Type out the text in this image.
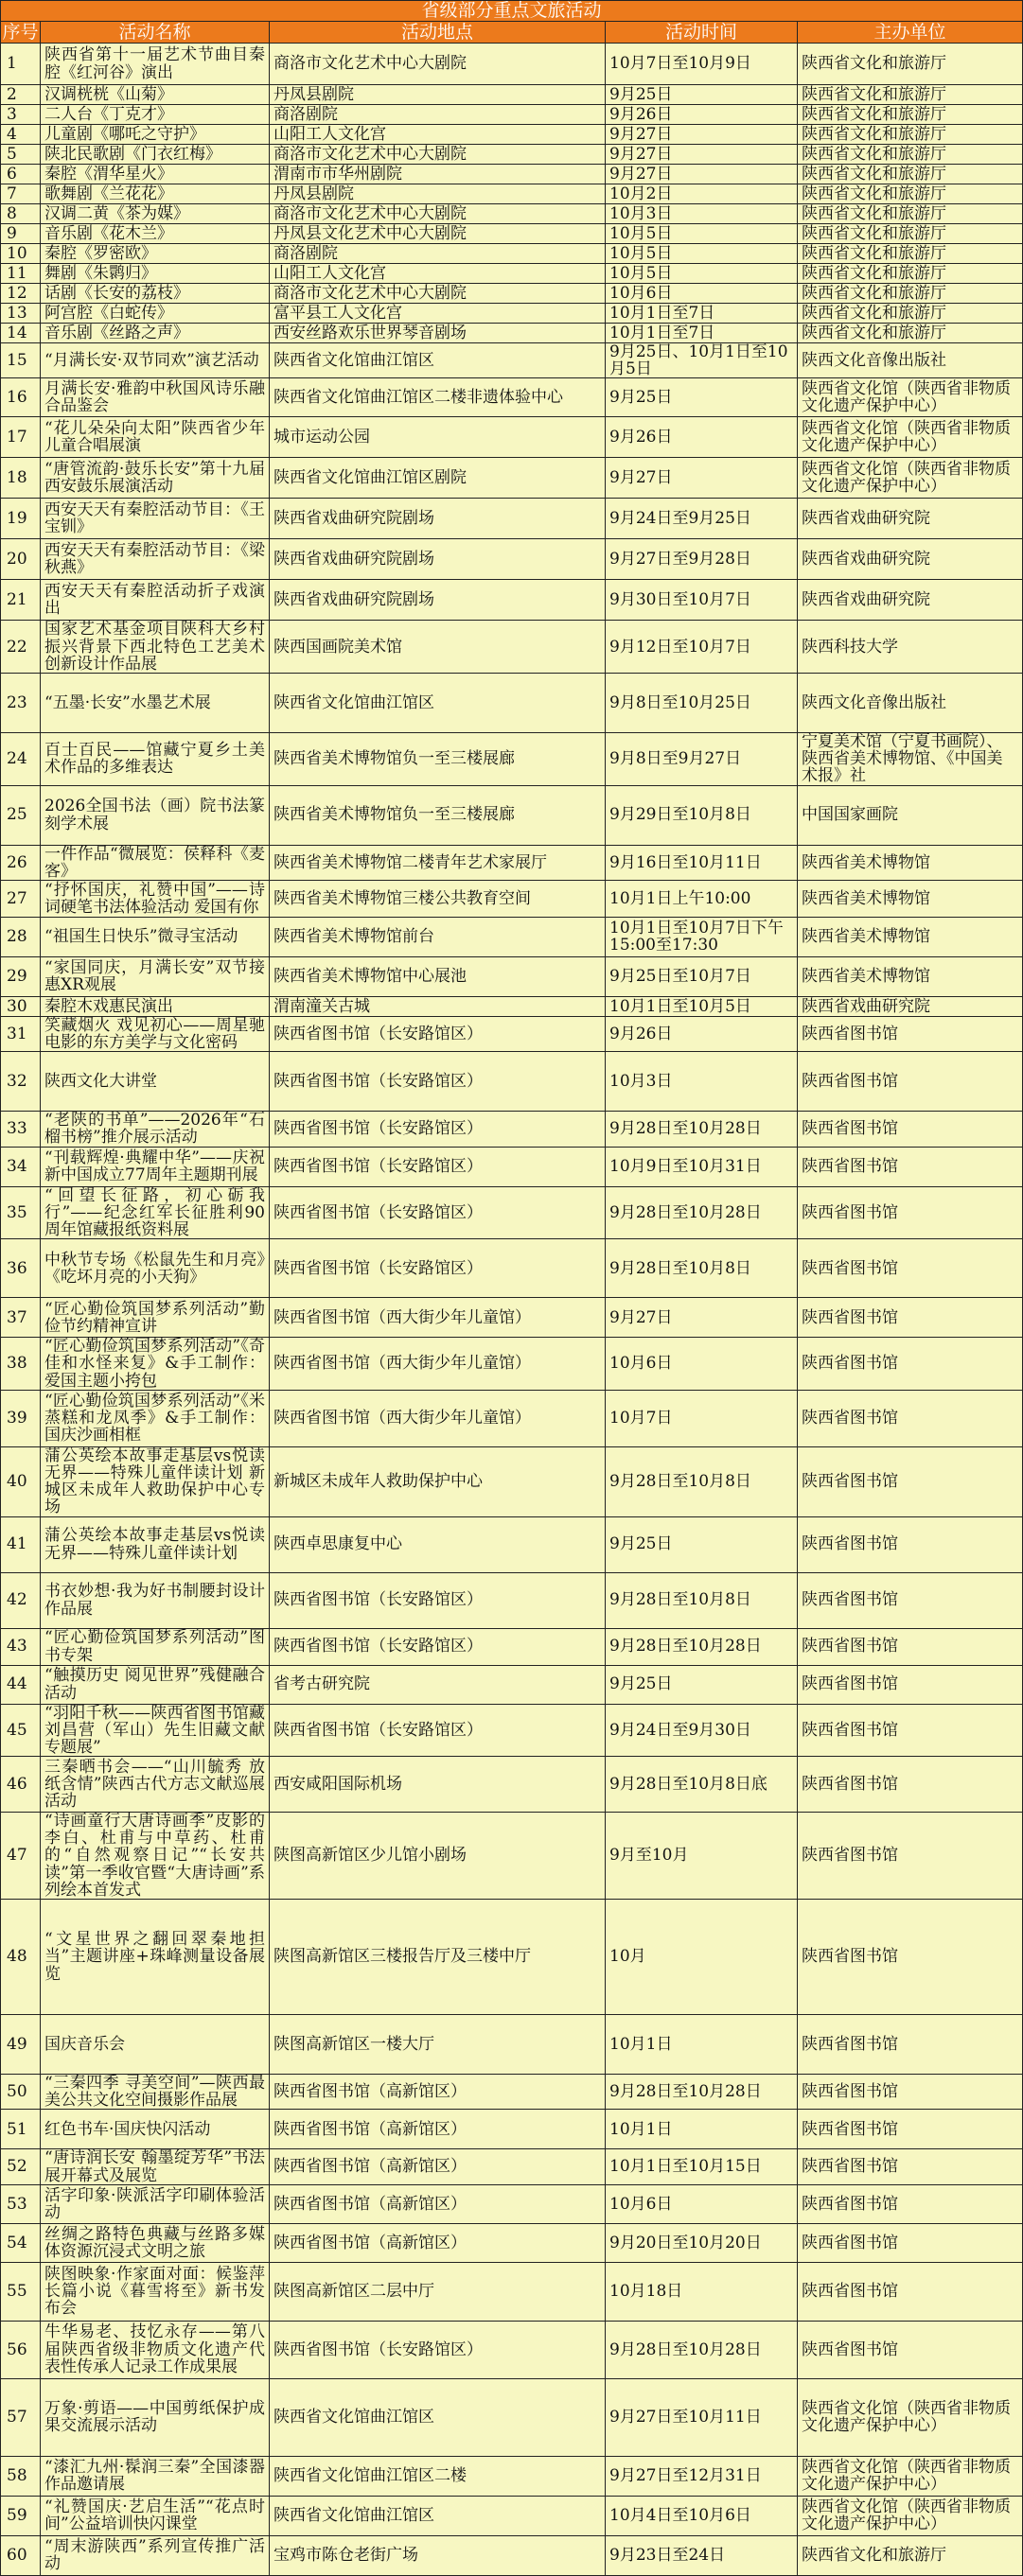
省级部分重点文旅活动				
序号	活动名称	活动地点	活动时间	主办单位
1	陕西省第十一届艺术节曲目秦腔《红河谷》演出	商洛市文化艺术中心大剧院	10月7日至10月9日	陕西省文化和旅游厅
2	汉调桄桄《山菊》	丹凤县剧院	9月25日	陕西省文化和旅游厅
3	二人台《丁克才》	商洛剧院	9月26日	陕西省文化和旅游厅
4	儿童剧《哪吒之守护》	山阳工人文化宫	9月27日	陕西省文化和旅游厅
5	陕北民歌剧《门衣红梅》	商洛市文化艺术中心大剧院	9月27日	陕西省文化和旅游厅
6	秦腔《渭华星火》	渭南市市华州剧院	9月27日	陕西省文化和旅游厅
7	歌舞剧《兰花花》	丹凤县剧院	10月2日	陕西省文化和旅游厅
8	汉调二黄《茶为媒》	商洛市文化艺术中心大剧院	10月3日	陕西省文化和旅游厅
9	音乐剧《花木兰》	丹凤县文化艺术中心大剧院	10月5日	陕西省文化和旅游厅
10	秦腔《罗密欧》	商洛剧院	10月5日	陕西省文化和旅游厅
11	舞剧《朱鹮归》	山阳工人文化宫	10月5日	陕西省文化和旅游厅
12	话剧《长安的荔枝》	商洛市文化艺术中心大剧院	10月6日	陕西省文化和旅游厅
13	阿宫腔《白蛇传》	富平县工人文化宫	10月1日至7日	陕西省文化和旅游厅
14	音乐剧《丝路之声》	西安丝路欢乐世界琴音剧场	10月1日至7日	陕西省文化和旅游厅
15	“月满长安·双节同欢”演艺活动	陕西省文化馆曲江馆区	9月25日、10月1日至10月5日	陕西文化音像出版社
16	月满长安·雅韵中秋国风诗乐融合品鉴会	陕西省文化馆曲江馆区二楼非遗体验中心	9月25日	陕西省文化馆（陕西省非物质文化遗产保护中心）
17	“花儿朵朵向太阳”陕西省少年儿童合唱展演	城市运动公园	9月26日	陕西省文化馆（陕西省非物质文化遗产保护中心）
18	“唐管流韵·鼓乐长安”第十九届西安鼓乐展演活动	陕西省文化馆曲江馆区剧院	9月27日	陕西省文化馆（陕西省非物质文化遗产保护中心）
19	西安天天有秦腔活动节目：《王宝钏》	陕西省戏曲研究院剧场	9月24日至9月25日	陕西省戏曲研究院
20	西安天天有秦腔活动节目：《梁秋燕》	陕西省戏曲研究院剧场	9月27日至9月28日	陕西省戏曲研究院
21	西安天天有秦腔活动折子戏演出	陕西省戏曲研究院剧场	9月30日至10月7日	陕西省戏曲研究院
22	国家艺术基金项目陕科大乡村振兴背景下西北特色工艺美术创新设计作品展	陕西国画院美术馆	9月12日至10月7日	陕西科技大学
23	“五墨·长安”水墨艺术展	陕西省文化馆曲江馆区	9月8日至10月25日	陕西文化音像出版社
24	百士百民——馆藏宁夏乡土美术作品的多维表达	陕西省美术博物馆负一至三楼展廊	9月8日至9月27日	宁夏美术馆（宁夏书画院）、陕西省美术博物馆、《中国美术报》社
25	2026全国书法（画）院书法篆刻学术展	陕西省美术博物馆负一至三楼展廊	9月29日至10月8日	中国国家画院
26	一件作品“微展览：侯释科《麦客》	陕西省美术博物馆二楼青年艺术家展厅	9月16日至10月11日	陕西省美术博物馆
27	“抒怀国庆，礼赞中国”——诗词硬笔书法体验活动 爱国有你	陕西省美术博物馆三楼公共教育空间	10月1日上午10:00	陕西省美术博物馆
28	“祖国生日快乐”微寻宝活动	陕西省美术博物馆前台	10月1日至10月7日下午15:00至17:30	陕西省美术博物馆
29	“家国同庆，月满长安”双节接惠XR观展	陕西省美术博物馆中心展池	9月25日至10月7日	陕西省美术博物馆
30	秦腔木戏惠民演出	渭南潼关古城	10月1日至10月5日	陕西省戏曲研究院
31	笑藏烟火 戏见初心——周星驰电影的东方美学与文化密码	陕西省图书馆（长安路馆区）	9月26日	陕西省图书馆
32	陕西文化大讲堂	陕西省图书馆（长安路馆区）	10月3日	陕西省图书馆
33	“老陕的书单”——2026年“石榴书榜”推介展示活动	陕西省图书馆（长安路馆区）	9月28日至10月28日	陕西省图书馆
34	“刊载辉煌·典耀中华”——庆祝新中国成立77周年主题期刊展	陕西省图书馆（长安路馆区）	10月9日至10月31日	陕西省图书馆
35	“回望长征路，初心砺我行”——纪念红军长征胜利90周年馆藏报纸资料展	陕西省图书馆（长安路馆区）	9月28日至10月28日	陕西省图书馆
36	中秋节专场《松鼠先生和月亮》《吃坏月亮的小天狗》	陕西省图书馆（长安路馆区）	9月28日至10月8日	陕西省图书馆
37	“匠心勤俭筑国梦系列活动”勤俭节约精神宣讲	陕西省图书馆（西大街少年儿童馆）	9月27日	陕西省图书馆
38	“匠心勤俭筑国梦系列活动”《奇佳和水怪来复》&手工制作：爱国主题小挎包	陕西省图书馆（西大街少年儿童馆）	10月6日	陕西省图书馆
39	“匠心勤俭筑国梦系列活动”《米蒸糕和龙凤季》&手工制作：国庆沙画相框	陕西省图书馆（西大街少年儿童馆）	10月7日	陕西省图书馆
40	蒲公英绘本故事走基层vs悦读无界——特殊儿童伴读计划 新城区未成年人救助保护中心专场	新城区未成年人救助保护中心	9月28日至10月8日	陕西省图书馆
41	蒲公英绘本故事走基层vs悦读无界——特殊儿童伴读计划	陕西卓思康复中心	9月25日	陕西省图书馆
42	书衣妙想·我为好书制腰封设计作品展	陕西省图书馆（长安路馆区）	9月28日至10月8日	陕西省图书馆
43	“匠心勤俭筑国梦系列活动”图书专架	陕西省图书馆（长安路馆区）	9月28日至10月28日	陕西省图书馆
44	“触摸历史 阅见世界”残健融合活动	省考古研究院	9月25日	陕西省图书馆
45	“羽阳千秋——陕西省图书馆藏刘昌营（军山）先生旧藏文献专题展”	陕西省图书馆（长安路馆区）	9月24日至9月30日	陕西省图书馆
46	三秦晒书会——“山川毓秀 放纸含情”陕西古代方志文献巡展活动	西安咸阳国际机场	9月28日至10月8日底	陕西省图书馆
47	“诗画童行大唐诗画季”皮影的李白、杜甫与中草药、杜甫的“自然观察日记”“长安共读”第一季收官暨“大唐诗画”系列绘本首发式	陕图高新馆区少儿馆小剧场	9月至10月	陕西省图书馆
48	“文星世界之翻回翠秦地担当”主题讲座+珠峰测量设备展览	陕图高新馆区三楼报告厅及三楼中厅	10月	陕西省图书馆
49	国庆音乐会	陕图高新馆区一楼大厅	10月1日	陕西省图书馆
50	“三秦四季 寻美空间”—陕西最美公共文化空间摄影作品展	陕西省图书馆（高新馆区）	9月28日至10月28日	陕西省图书馆
51	红色书车·国庆快闪活动	陕西省图书馆（高新馆区）	10月1日	陕西省图书馆
52	“唐诗润长安 翰墨绽芳华”书法展开幕式及展览	陕西省图书馆（高新馆区）	10月1日至10月15日	陕西省图书馆
53	活字印象·陕派活字印刷体验活动	陕西省图书馆（高新馆区）	10月6日	陕西省图书馆
54	丝绸之路特色典藏与丝路多媒体资源沉浸式文明之旅	陕西省图书馆（高新馆区）	9月20日至10月20日	陕西省图书馆
55	陕图映象·作家面对面：候鉴萍长篇小说《暮雪将至》新书发布会	陕图高新馆区二层中厅	10月18日	陕西省图书馆
56	牛华易老、技忆永存——第八届陕西省级非物质文化遗产代表性传承人记录工作成果展	陕西省图书馆（长安路馆区）	9月28日至10月28日	陕西省图书馆
57	万象·剪语——中国剪纸保护成果交流展示活动	陕西省文化馆曲江馆区	9月27日至10月11日	陕西省文化馆（陕西省非物质文化遗产保护中心）
58	“漆汇九州·髹润三秦”全国漆器作品邀请展	陕西省文化馆曲江馆区二楼	9月27日至12月31日	陕西省文化馆（陕西省非物质文化遗产保护中心）
59	“礼赞国庆·艺启生活”“花点时间”公益培训快闪课堂	陕西省文化馆曲江馆区	10月4日至10月6日	陕西省文化馆（陕西省非物质文化遗产保护中心）
60	“周末游陕西”系列宣传推广活动	宝鸡市陈仓老街广场	9月23日至24日	陕西省文化和旅游厅
